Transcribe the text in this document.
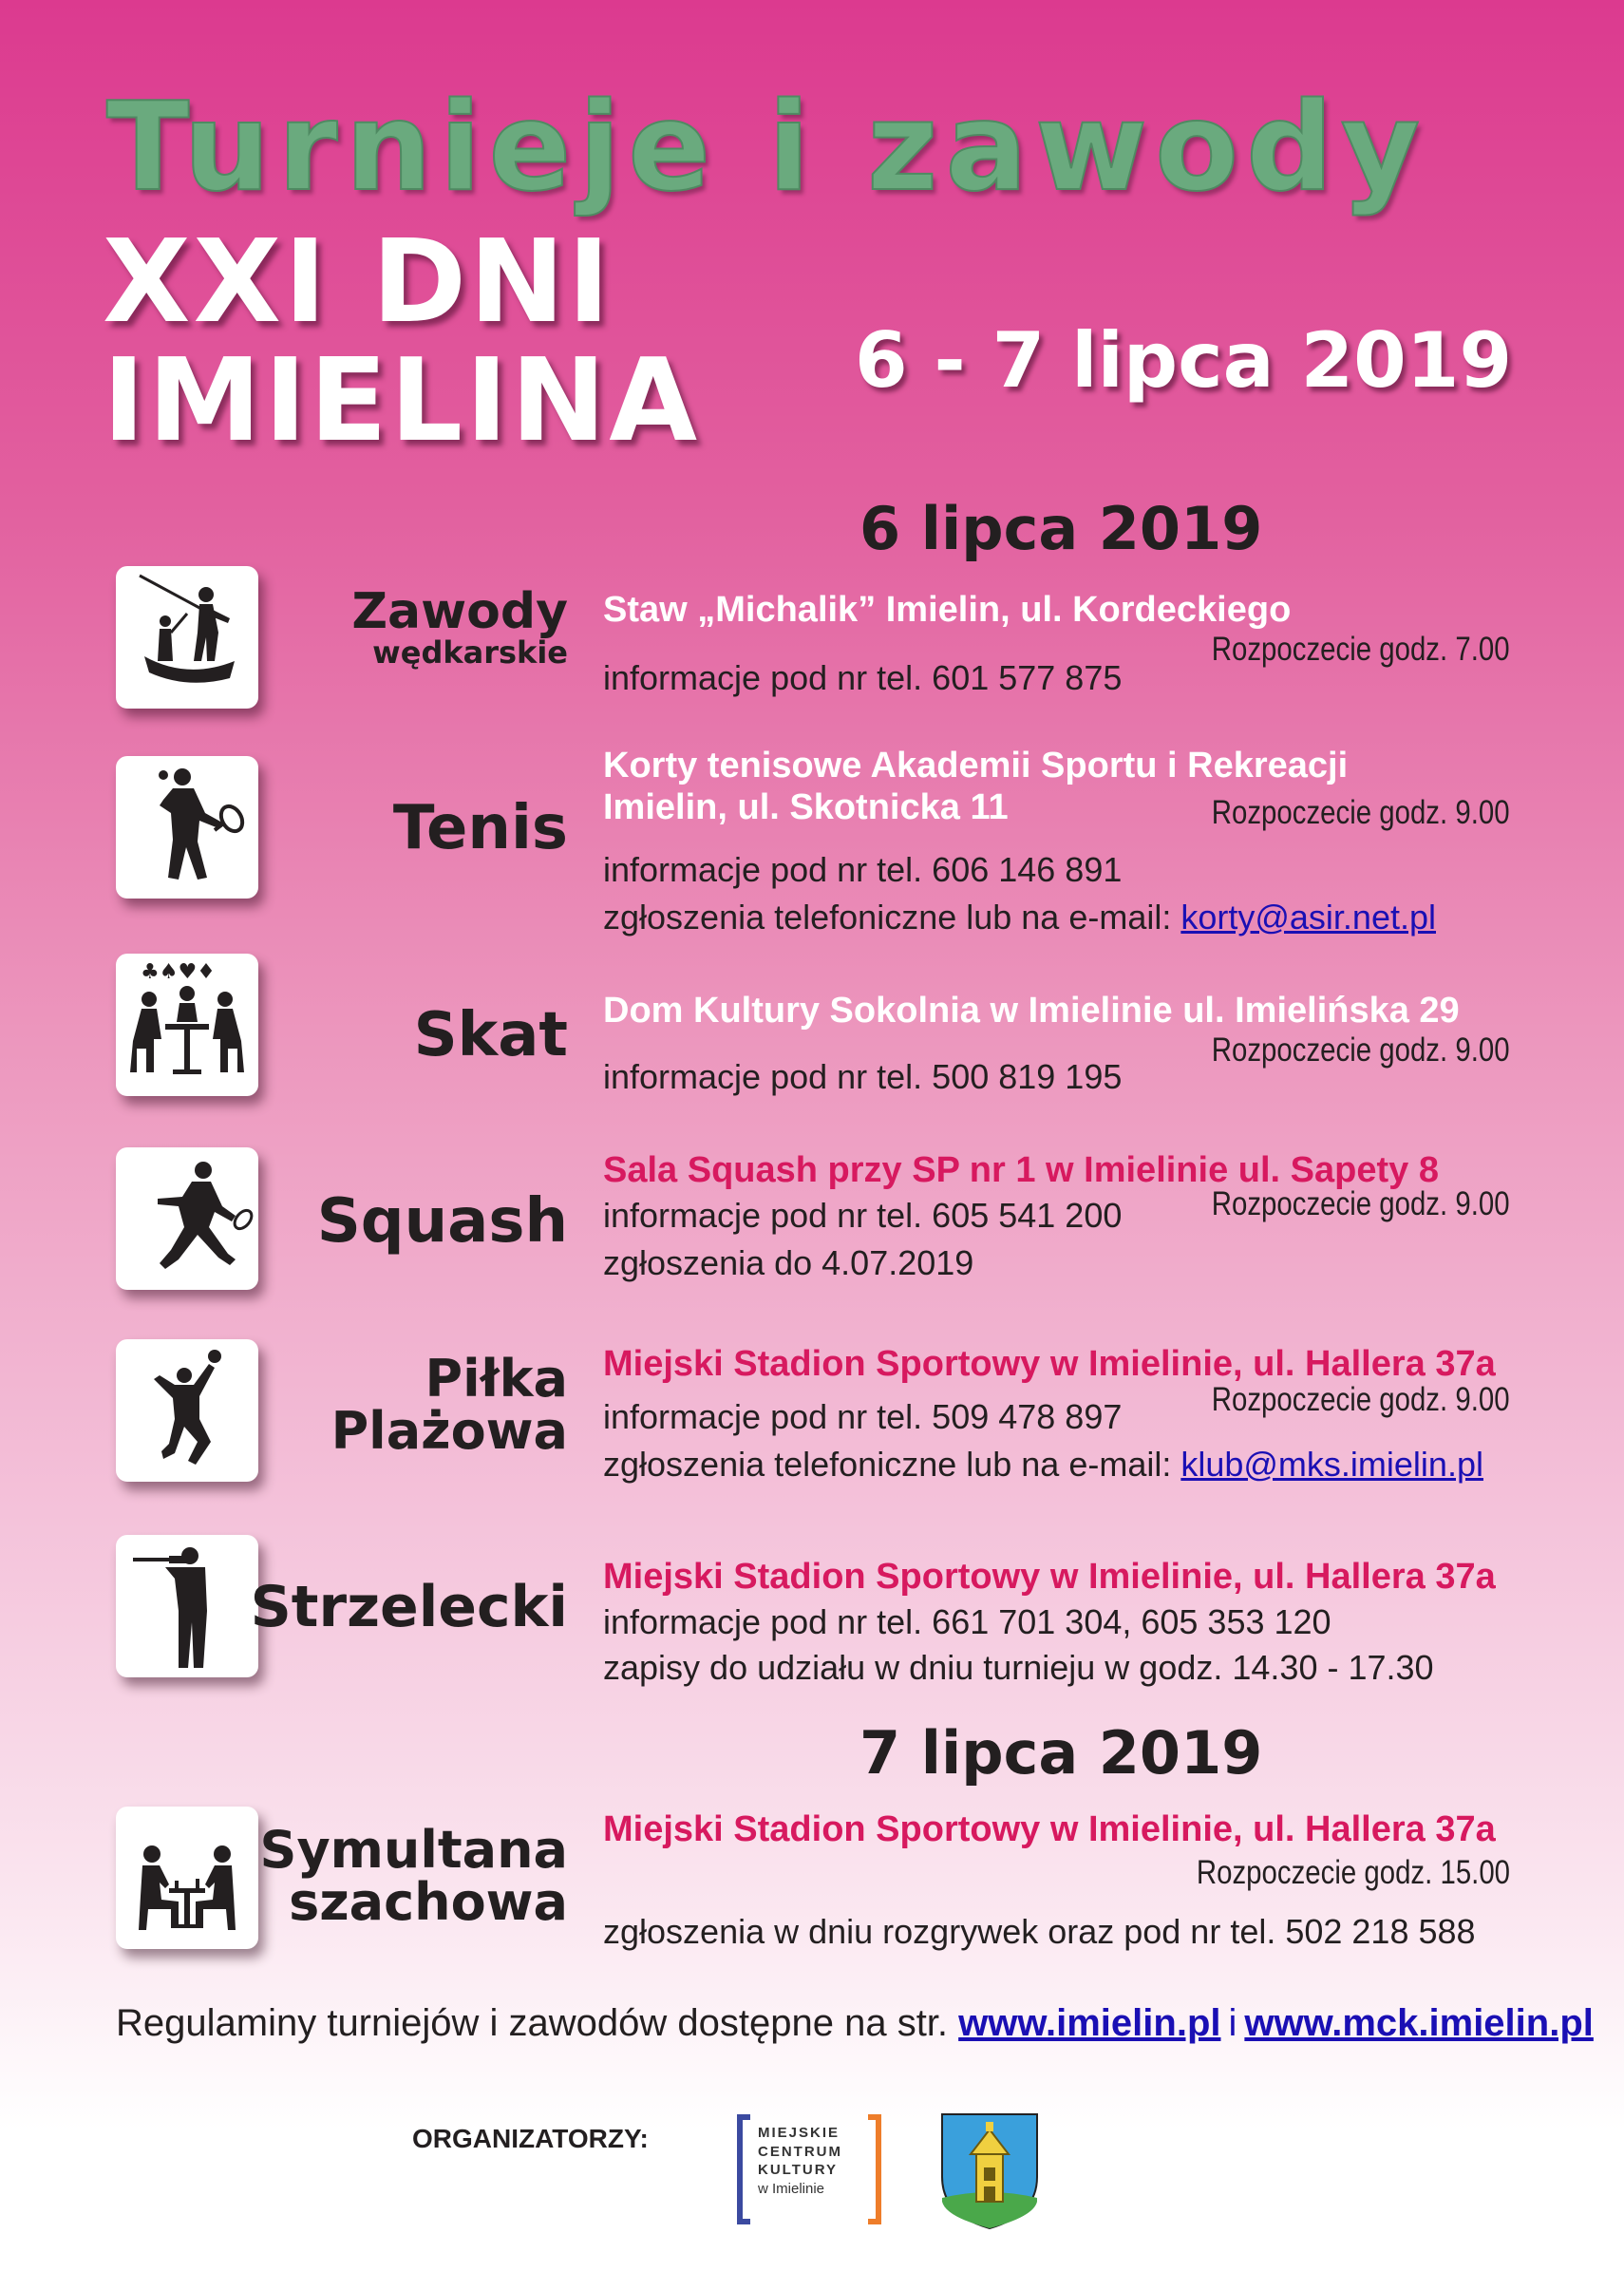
Turnieje i zawody
XXI DNI
IMIELINA 6 - 7 lipca 2019
6 lipca 2019
Zawody
wędkarskie
Staw „Michalik” Imielin, ul. Kordeckiego
Rozpoczecie godz. 7.00
informacje pod nr tel. 601 577 875
Tenis
Korty tenisowe Akademii Sportu i Rekreacji
Imielin, ul. Skotnicka 11	Rozpoczecie godz. 9.00
informacje pod nr tel. 606 146 891
zgłoszenia telefoniczne lub na e-mail: korty@asir.net.pl
♣♠♥♦
Skat Dom Kultury Sokolnia w Imielinie ul. Imielińska 29
Rozpoczecie godz. 9.00
informacje pod nr tel. 500 819 195
Squash
Sala Squash przy SP nr 1 w Imielinie ul. Sapety 8
Rozpoczecie godz. 9.00
informacje pod nr tel. 605 541 200
zgłoszenia do 4.07.2019
Piłka
Plażowa
Miejski Stadion Sportowy w Imielinie, ul. Hallera 37a
Rozpoczecie godz. 9.00
informacje pod nr tel. 509 478 897
zgłoszenia telefoniczne lub na e-mail: klub@mks.imielin.pl
Strzelecki Miejski Stadion Sportowy w Imielinie, ul. Hallera 37a
informacje pod nr tel. 661 701 304, 605 353 120
zapisy do udziału w dniu turnieju w godz. 14.30 - 17.30
7 lipca 2019
Symultana
szachowa
Miejski Stadion Sportowy w Imielinie, ul. Hallera 37a
Rozpoczecie godz. 15.00
zgłoszenia w dniu rozgrywek oraz pod nr tel. 502 218 588
Regulaminy turniejów i zawodów dostępne na str. www.imielin.pl i www.mck.imielin.pl
ORGANIZATORZY:	MIEJSKIE
CENTRUM
KULTURY
w Imielinie
